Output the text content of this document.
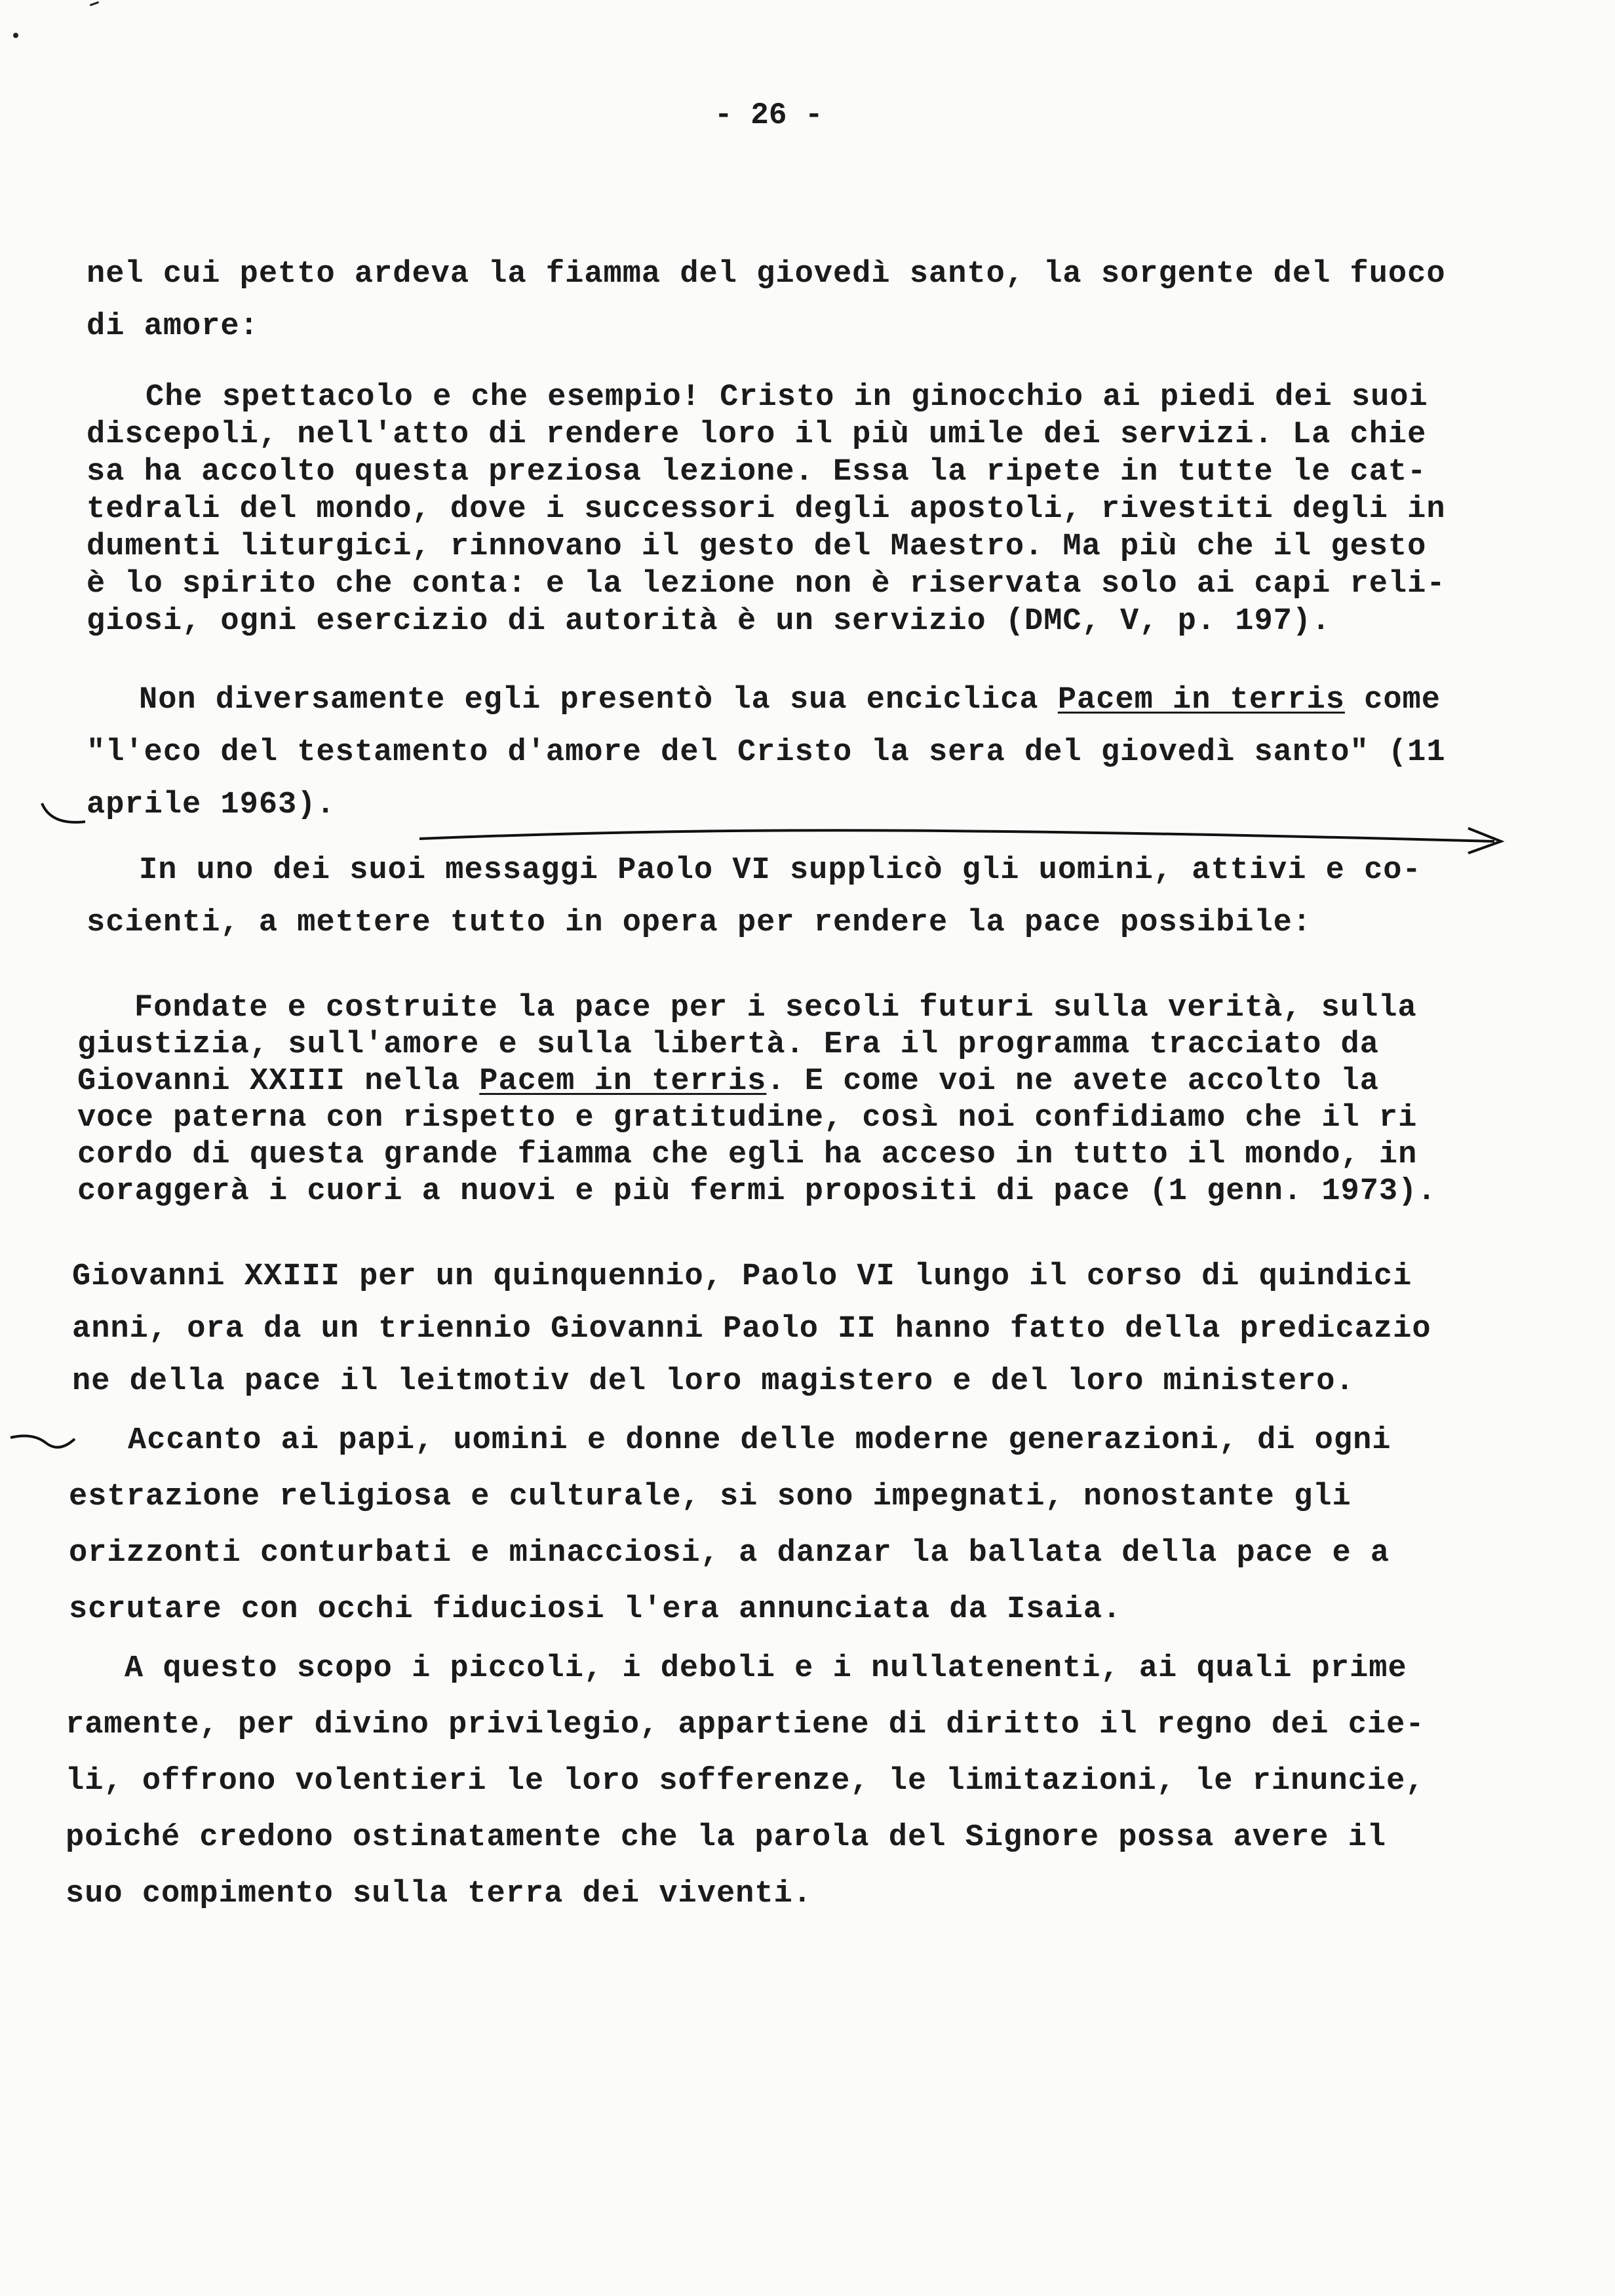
- 26 -
nel cui petto ardeva la fiamma del giovedì santo, la sorgente del fuoco
di amore:
Che spettacolo e che esempio! Cristo in ginocchio ai piedi dei suoi
discepoli, nell'atto di rendere loro il più umile dei servizi. La chie
sa ha accolto questa preziosa lezione. Essa la ripete in tutte le cat-
tedrali del mondo, dove i successori degli apostoli, rivestiti degli in
dumenti liturgici, rinnovano il gesto del Maestro. Ma più che il gesto
è lo spirito che conta: e la lezione non è riservata solo ai capi reli-
giosi, ogni esercizio di autorità è un servizio (DMC, V, p. 197).
Non diversamente egli presentò la sua enciclica Pacem in terris come
"l'eco del testamento d'amore del Cristo la sera del giovedì santo" (11
aprile 1963).
In uno dei suoi messaggi Paolo VI supplicò gli uomini, attivi e co-
scienti, a mettere tutto in opera per rendere la pace possibile:
Fondate e costruite la pace per i secoli futuri sulla verità, sulla
giustizia, sull'amore e sulla libertà. Era il programma tracciato da
Giovanni XXIII nella Pacem in terris. E come voi ne avete accolto la
voce paterna con rispetto e gratitudine, così noi confidiamo che il ri
cordo di questa grande fiamma che egli ha acceso in tutto il mondo, in
coraggerà i cuori a nuovi e più fermi propositi di pace (1 genn. 1973).
Giovanni XXIII per un quinquennio, Paolo VI lungo il corso di quindici
anni, ora da un triennio Giovanni Paolo II hanno fatto della predicazio
ne della pace il leitmotiv del loro magistero e del loro ministero.
Accanto ai papi, uomini e donne delle moderne generazioni, di ogni
estrazione religiosa e culturale, si sono impegnati, nonostante gli
orizzonti conturbati e minacciosi, a danzar la ballata della pace e a
scrutare con occhi fiduciosi l'era annunciata da Isaia.
A questo scopo i piccoli, i deboli e i nullatenenti, ai quali prime
ramente, per divino privilegio, appartiene di diritto il regno dei cie-
li, offrono volentieri le loro sofferenze, le limitazioni, le rinuncie,
poiché credono ostinatamente che la parola del Signore possa avere il
suo compimento sulla terra dei viventi.
